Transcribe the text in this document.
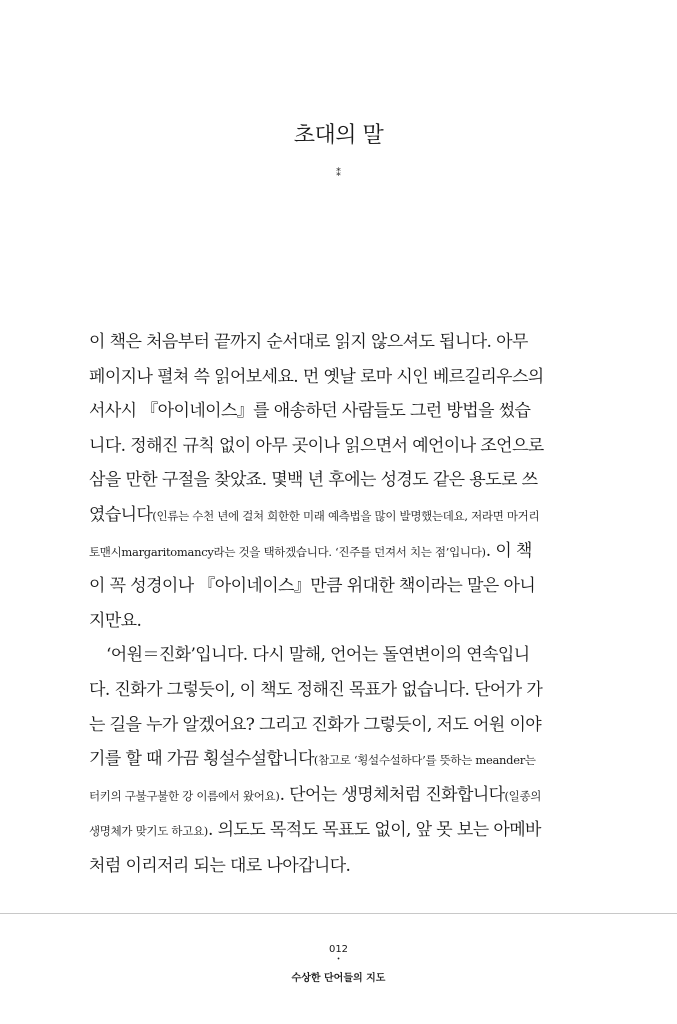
초대의 말
⁑

이 책은 처음부터 끝까지 순서대로 읽지 않으셔도 됩니다. 아무 페이지나 펼쳐 쓱 읽어보세요. 먼 옛날 로마 시인 베르길리우스의 서사시 『아이네이스』를 애송하던 사람들도 그런 방법을 썼습니다. 정해진 규칙 없이 아무 곳이나 읽으면서 예언이나 조언으로 삼을 만한 구절을 찾았죠. 몇백 년 후에는 성경도 같은 용도로 쓰였습니다(인류는 수천 년에 걸쳐 희한한 미래 예측법을 많이 발명했는데요, 저라면 마거리토맨시margaritomancy라는 것을 택하겠습니다. ‘진주를 던져서 치는 점’입니다). 이 책이 꼭 성경이나 『아이네이스』만큼 위대한 책이라는 말은 아니지만요.

‘어원＝진화’입니다. 다시 말해, 언어는 돌연변이의 연속입니다. 진화가 그렇듯이, 이 책도 정해진 목표가 없습니다. 단어가 가는 길을 누가 알겠어요? 그리고 진화가 그렇듯이, 저도 어원 이야기를 할 때 가끔 횡설수설합니다(참고로 ‘횡설수설하다’를 뜻하는 meander는 터키의 구불구불한 강 이름에서 왔어요). 단어는 생명체처럼 진화합니다(일종의 생명체가 맞기도 하고요). 의도도 목적도 목표도 없이, 앞 못 보는 아메바처럼 이리저리 되는 대로 나아갑니다.

012
•
수상한 단어들의 지도
